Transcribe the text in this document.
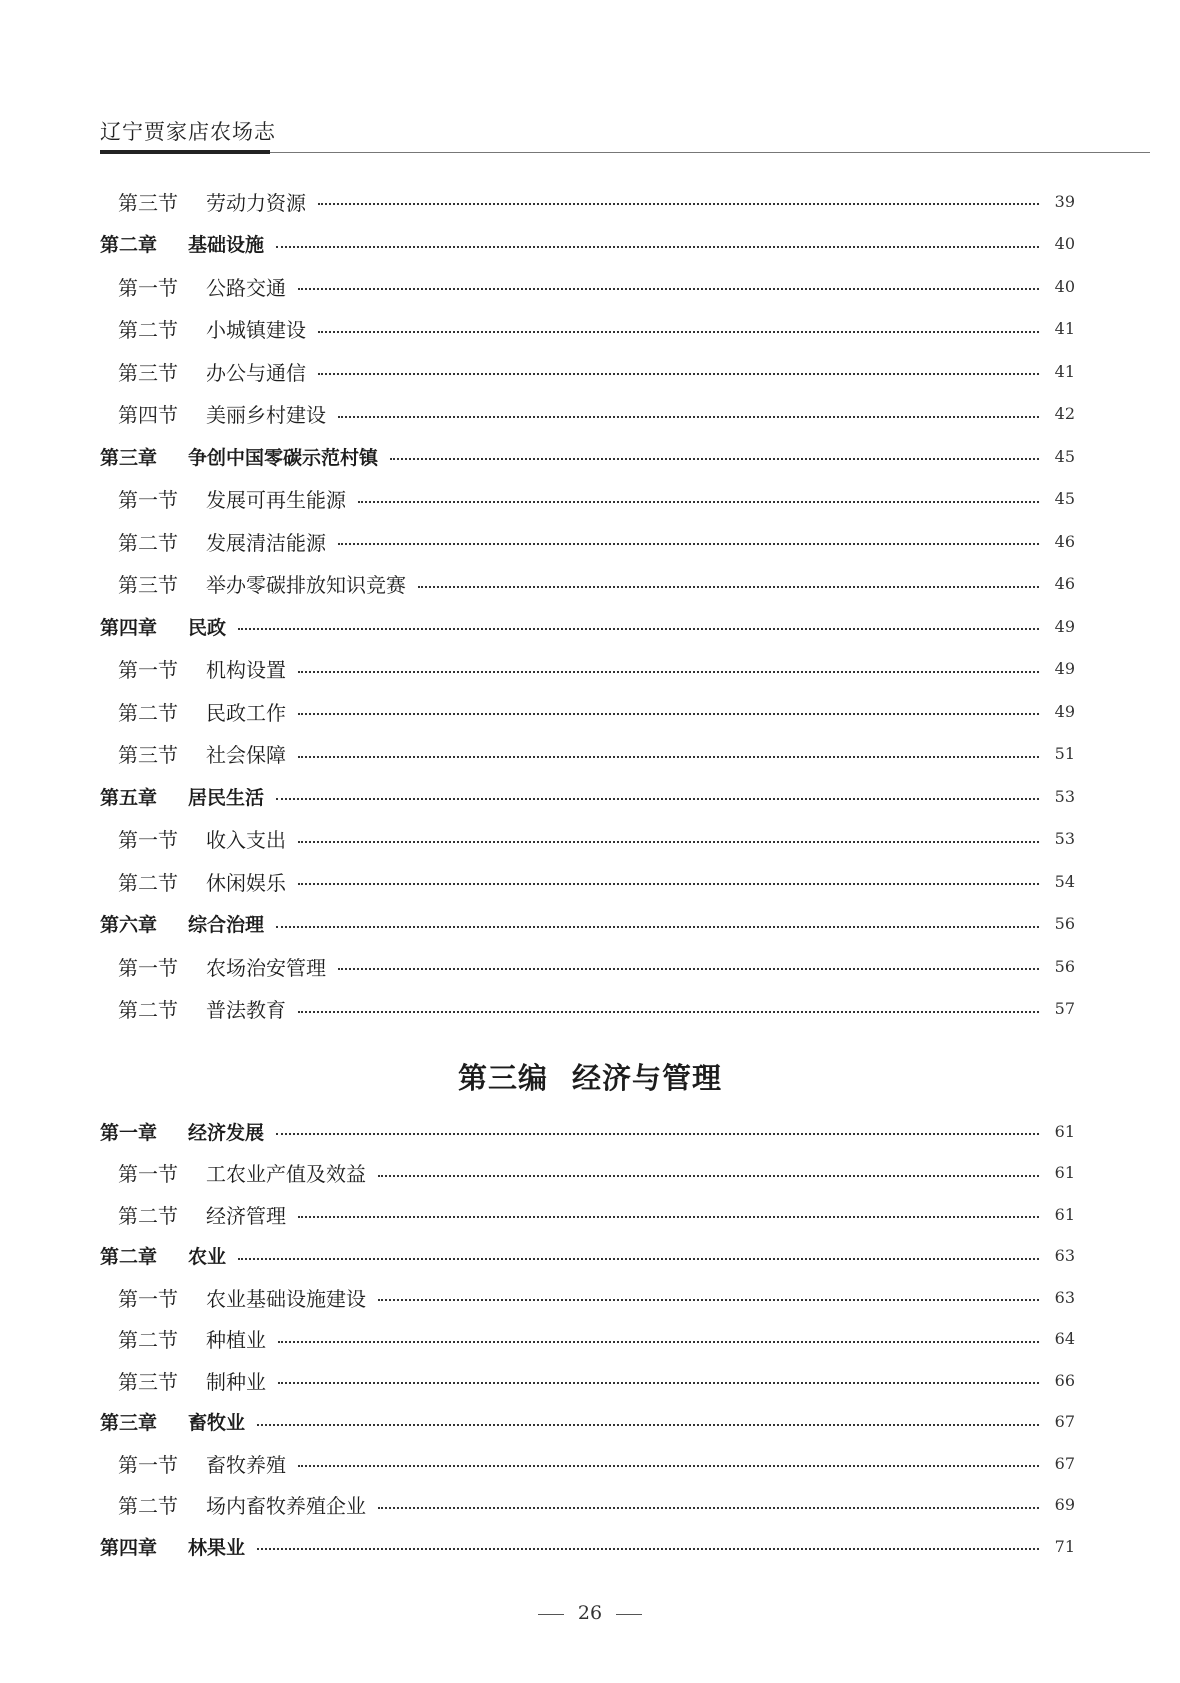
辽宁贾家店农场志
第三节	劳动力资源	39
第二章	基础设施	40
第一节	公路交通	40
第二节	小城镇建设	41
第三节	办公与通信	41
第四节	美丽乡村建设	42
第三章	争创中国零碳示范村镇	45
第一节	发展可再生能源	45
第二节	发展清洁能源	46
第三节	举办零碳排放知识竞赛	46
第四章	民政	49
第一节	机构设置	49
第二节	民政工作	49
第三节	社会保障	51
第五章	居民生活	53
第一节	收入支出	53
第二节	休闲娱乐	54
第六章	综合治理	56
第一节	农场治安管理	56
第二节	普法教育	57
第三编 经济与管理
第一章	经济发展	61
第一节	工农业产值及效益	61
第二节	经济管理	61
第二章	农业	63
第一节	农业基础设施建设	63
第二节	种植业	64
第三节	制种业	66
第三章	畜牧业	67
第一节	畜牧养殖	67
第二节	场内畜牧养殖企业	69
第四章	林果业	71
26
